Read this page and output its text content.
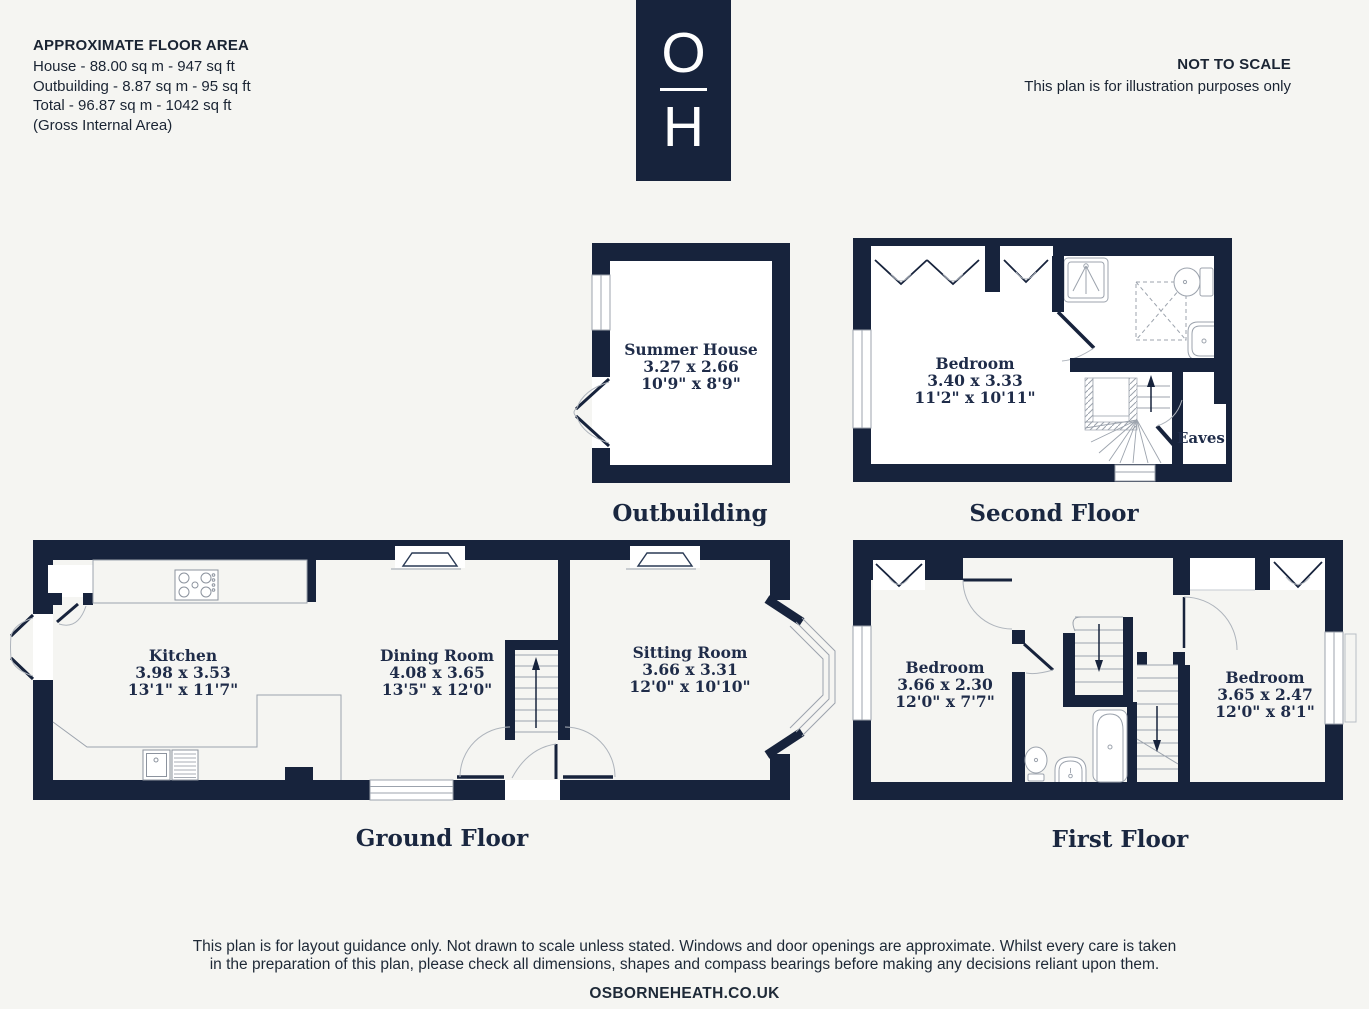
APPROXIMATE FLOOR AREA
House - 88.00 sq m - 947 sq ft
Outbuilding - 8.87 sq m - 95 sq ft
Total - 96.87 sq m - 1042 sq ft
(Gross Internal Area)
O
H
NOT TO SCALE
This plan is for illustration purposes only
Summer House
3.27 x 2.66
10'9" x 8'9"
Outbuilding
Bedroom
3.40 x 3.33
11'2" x 10'11"
Eaves
Second Floor
Kitchen
3.98 x 3.53
13'1" x 11'7"
Dining Room
4.08 x 3.65
13'5" x 12'0"
Sitting Room
3.66 x 3.31
12'0" x 10'10"
Ground Floor
Bedroom
3.66 x 2.30
12'0" x 7'7"
Bedroom
3.65 x 2.47
12'0" x 8'1"
First Floor
This plan is for layout guidance only. Not drawn to scale unless stated. Windows and door openings are approximate. Whilst every care is taken
in the preparation of this plan, please check all dimensions, shapes and compass bearings before making any decisions reliant upon them.
OSBORNEHEATH.CO.UK
